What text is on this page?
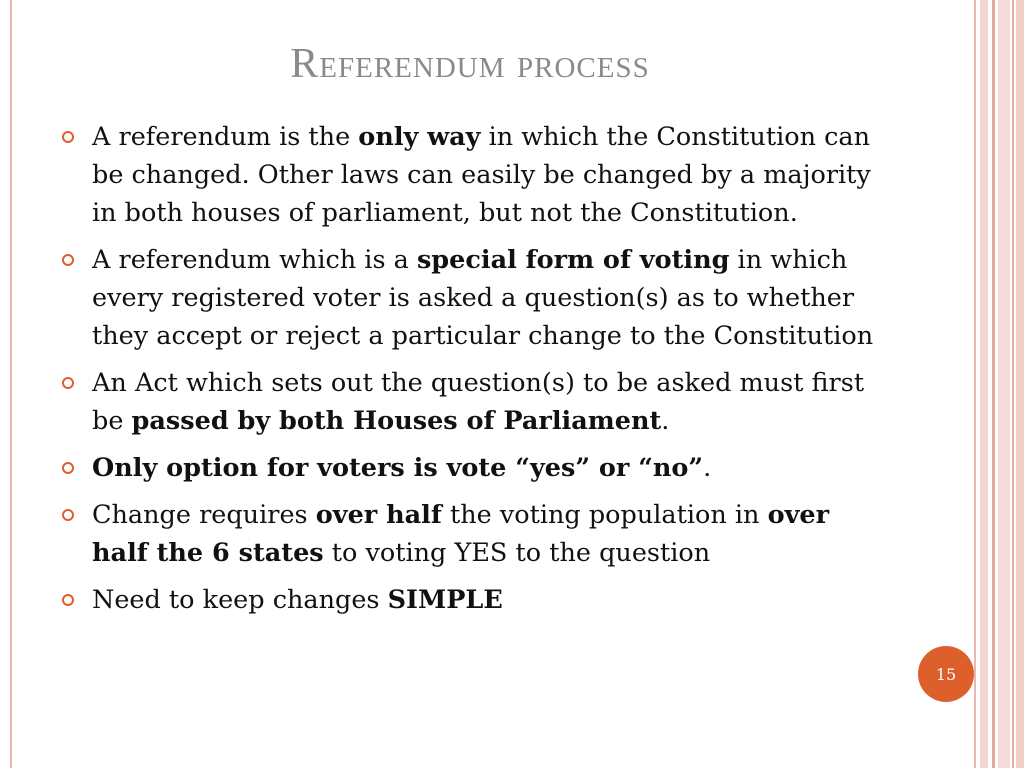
Referendum process
A referendum is the only way in which the Constitution can be changed. Other laws can easily be changed by a majority in both houses of parliament, but not the Constitution.
A referendum which is a special form of voting in which every registered voter is asked a question(s) as to whether they accept or reject a particular change to the Constitution
An Act which sets out the question(s) to be asked must first be passed by both Houses of Parliament.
Only option for voters is vote “yes” or “no”.
Change requires over half the voting population in over half the 6 states to voting YES to the question
Need to keep changes SIMPLE
15
